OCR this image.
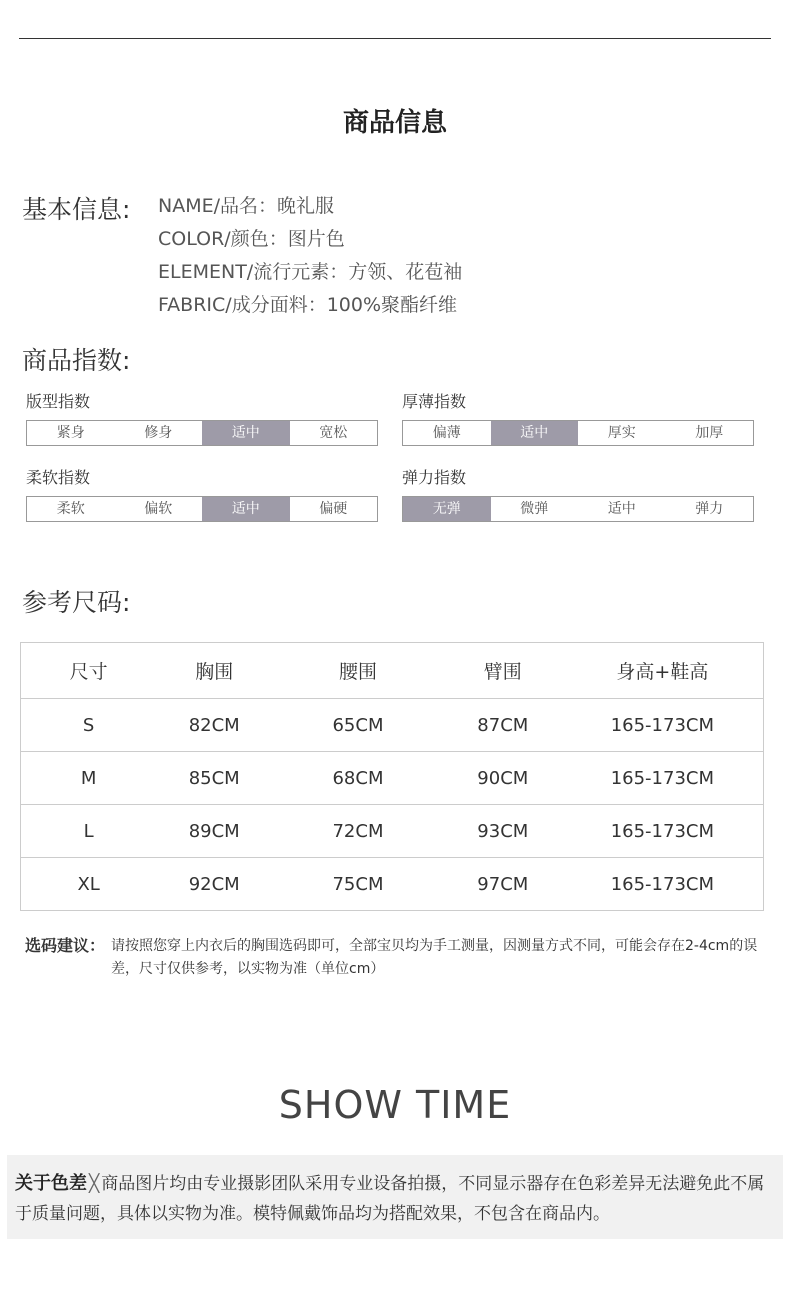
商品信息
基本信息: NAME/品名：晚礼服
COLOR/颜色：图片色
ELEMENT/流行元素：方领、花苞袖
FABRIC/成分面料：100%聚酯纤维
商品指数:
版型指数
紧身	修身	适中	宽松
厚薄指数
偏薄	适中	厚实	加厚
柔软指数
柔软	偏软	适中	偏硬
弹力指数
无弹	微弹	适中	弹力
参考尺码:
尺寸	胸围	腰围	臂围	身高+鞋高
S	82CM	65CM	87CM	165-173CM
M	85CM	68CM	90CM	165-173CM
L	89CM	72CM	93CM	165-173CM
XL	92CM	75CM	97CM	165-173CM
选码建议： 请按照您穿上内衣后的胸围选码即可，全部宝贝均为手工测量，因测量方式不同，可能会存在2-4cm的误差，尺寸仅供参考，以实物为准（单位cm）
SHOW TIME
关于色差 ╳ 商品图片均由专业摄影团队采用专业设备拍摄，不同显示器存在色彩差异无法避免此不属于质量问题，具体以实物为准。模特佩戴饰品均为搭配效果，不包含在商品内。
